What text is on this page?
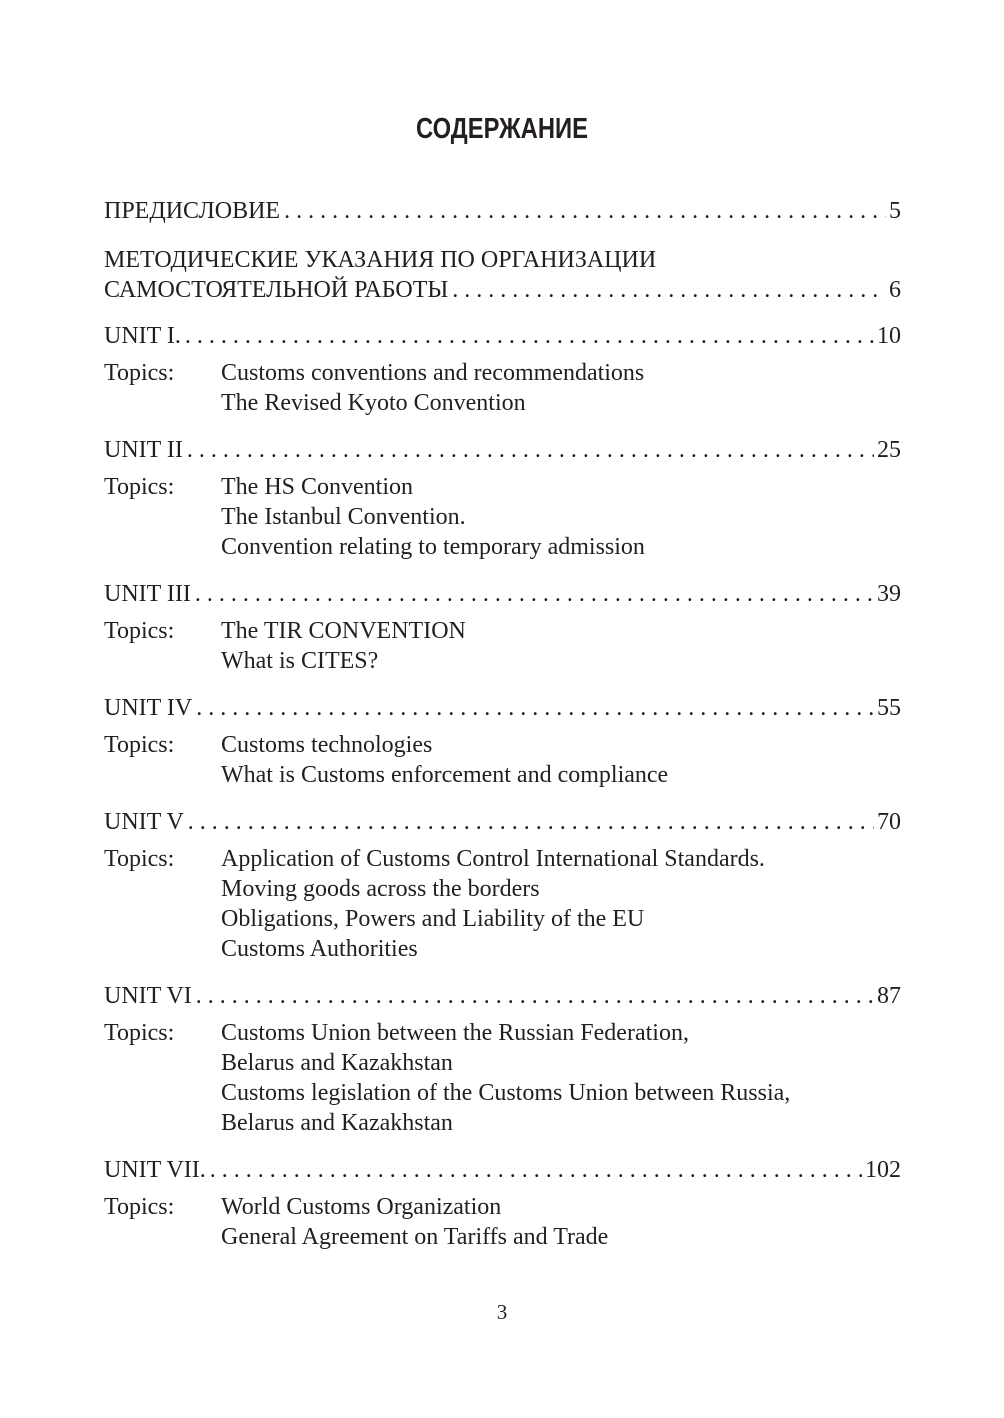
СОДЕРЖАНИЕ
ПРЕДИСЛОВИЕ . . .	5
МЕТОДИЧЕСКИЕ УКАЗАНИЯ ПО ОРГАНИЗАЦИИ
САМОСТОЯТЕЛЬНОЙ РАБОТЫ . . .	6
UNIT I. . . .	10
Topics:	Customs conventions and recommendations
The Revised Kyoto Convention
UNIT II . . .	25
Topics:	The HS Convention
The Istanbul Convention.
Convention relating to temporary admission
UNIT III . . .	39
Topics:	The TIR CONVENTION
What is CITES?
UNIT IV . . .	55
Topics:	Customs technologies
What is Customs enforcement and compliance
UNIT V . . .	70
Topics:	Application of Customs Control International Standards.
Moving goods across the borders
Obligations, Powers and Liability of the EU
Customs Authorities
UNIT VI . . .	87
Topics:	Customs Union between the Russian Federation,
Belarus and Kazakhstan
Customs legislation of the Customs Union between Russia,
Belarus and Kazakhstan
UNIT VII. . . .	102
Topics:	World Customs Organization
General Agreement on Tariffs and Trade
3
